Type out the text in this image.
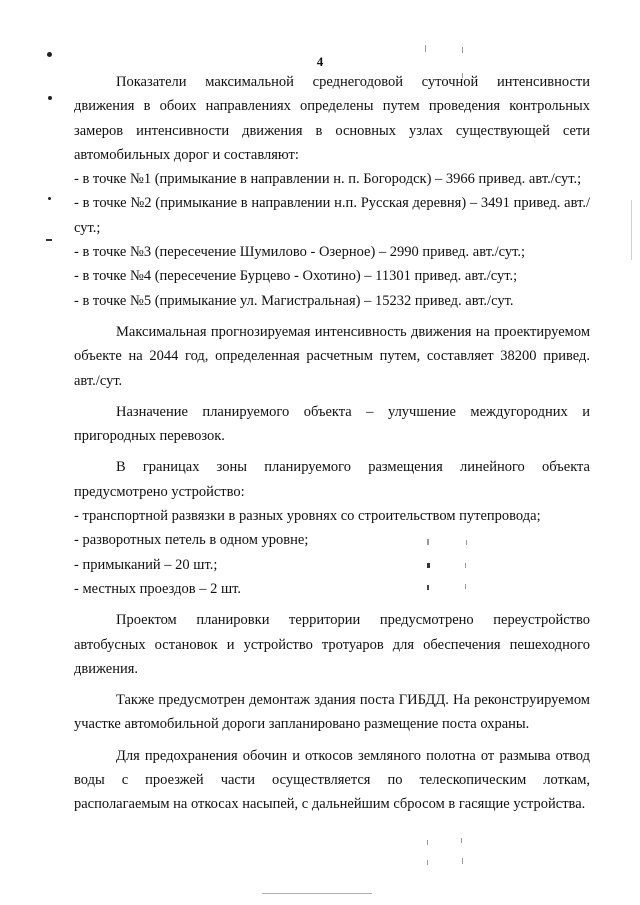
4

Показатели максимальной среднегодовой суточной интенсивности движения в обоих направлениях определены путем проведения контрольных замеров интенсивности движения в основных узлах существующей сети автомобильных дорог и составляют:

- в точке №1 (примыкание в направлении н. п. Богородск) – 3966 привед. авт./сут.;

- в точке №2 (примыкание в направлении н.п. Русская деревня) – 3491 привед. авт./сут.;

- в точке №3 (пересечение Шумилово - Озерное) – 2990 привед. авт./сут.;

- в точке №4 (пересечение Бурцево - Охотино) – 11301 привед. авт./сут.;

- в точке №5 (примыкание ул. Магистральная) – 15232 привед. авт./сут.

Максимальная прогнозируемая интенсивность движения на проектируемом объекте на 2044 год, определенная расчетным путем, составляет 38200 привед. авт./сут.

Назначение планируемого объекта – улучшение междугородних и пригородных перевозок.

В границах зоны планируемого размещения линейного объекта предусмотрено устройство:

- транспортной развязки в разных уровнях со строительством путепровода;

- разворотных петель в одном уровне;

- примыканий – 20 шт.;

- местных проездов – 2 шт.

Проектом планировки территории предусмотрено переустройство автобусных остановок и устройство тротуаров для обеспечения пешеходного движения.

Также предусмотрен демонтаж здания поста ГИБДД. На реконструируемом участке автомобильной дороги запланировано размещение поста охраны.

Для предохранения обочин и откосов земляного полотна от размыва отвод воды с проезжей части осуществляется по телескопическим лоткам, располагаемым на откосах насыпей, с дальнейшим сбросом в гасящие устройства.
